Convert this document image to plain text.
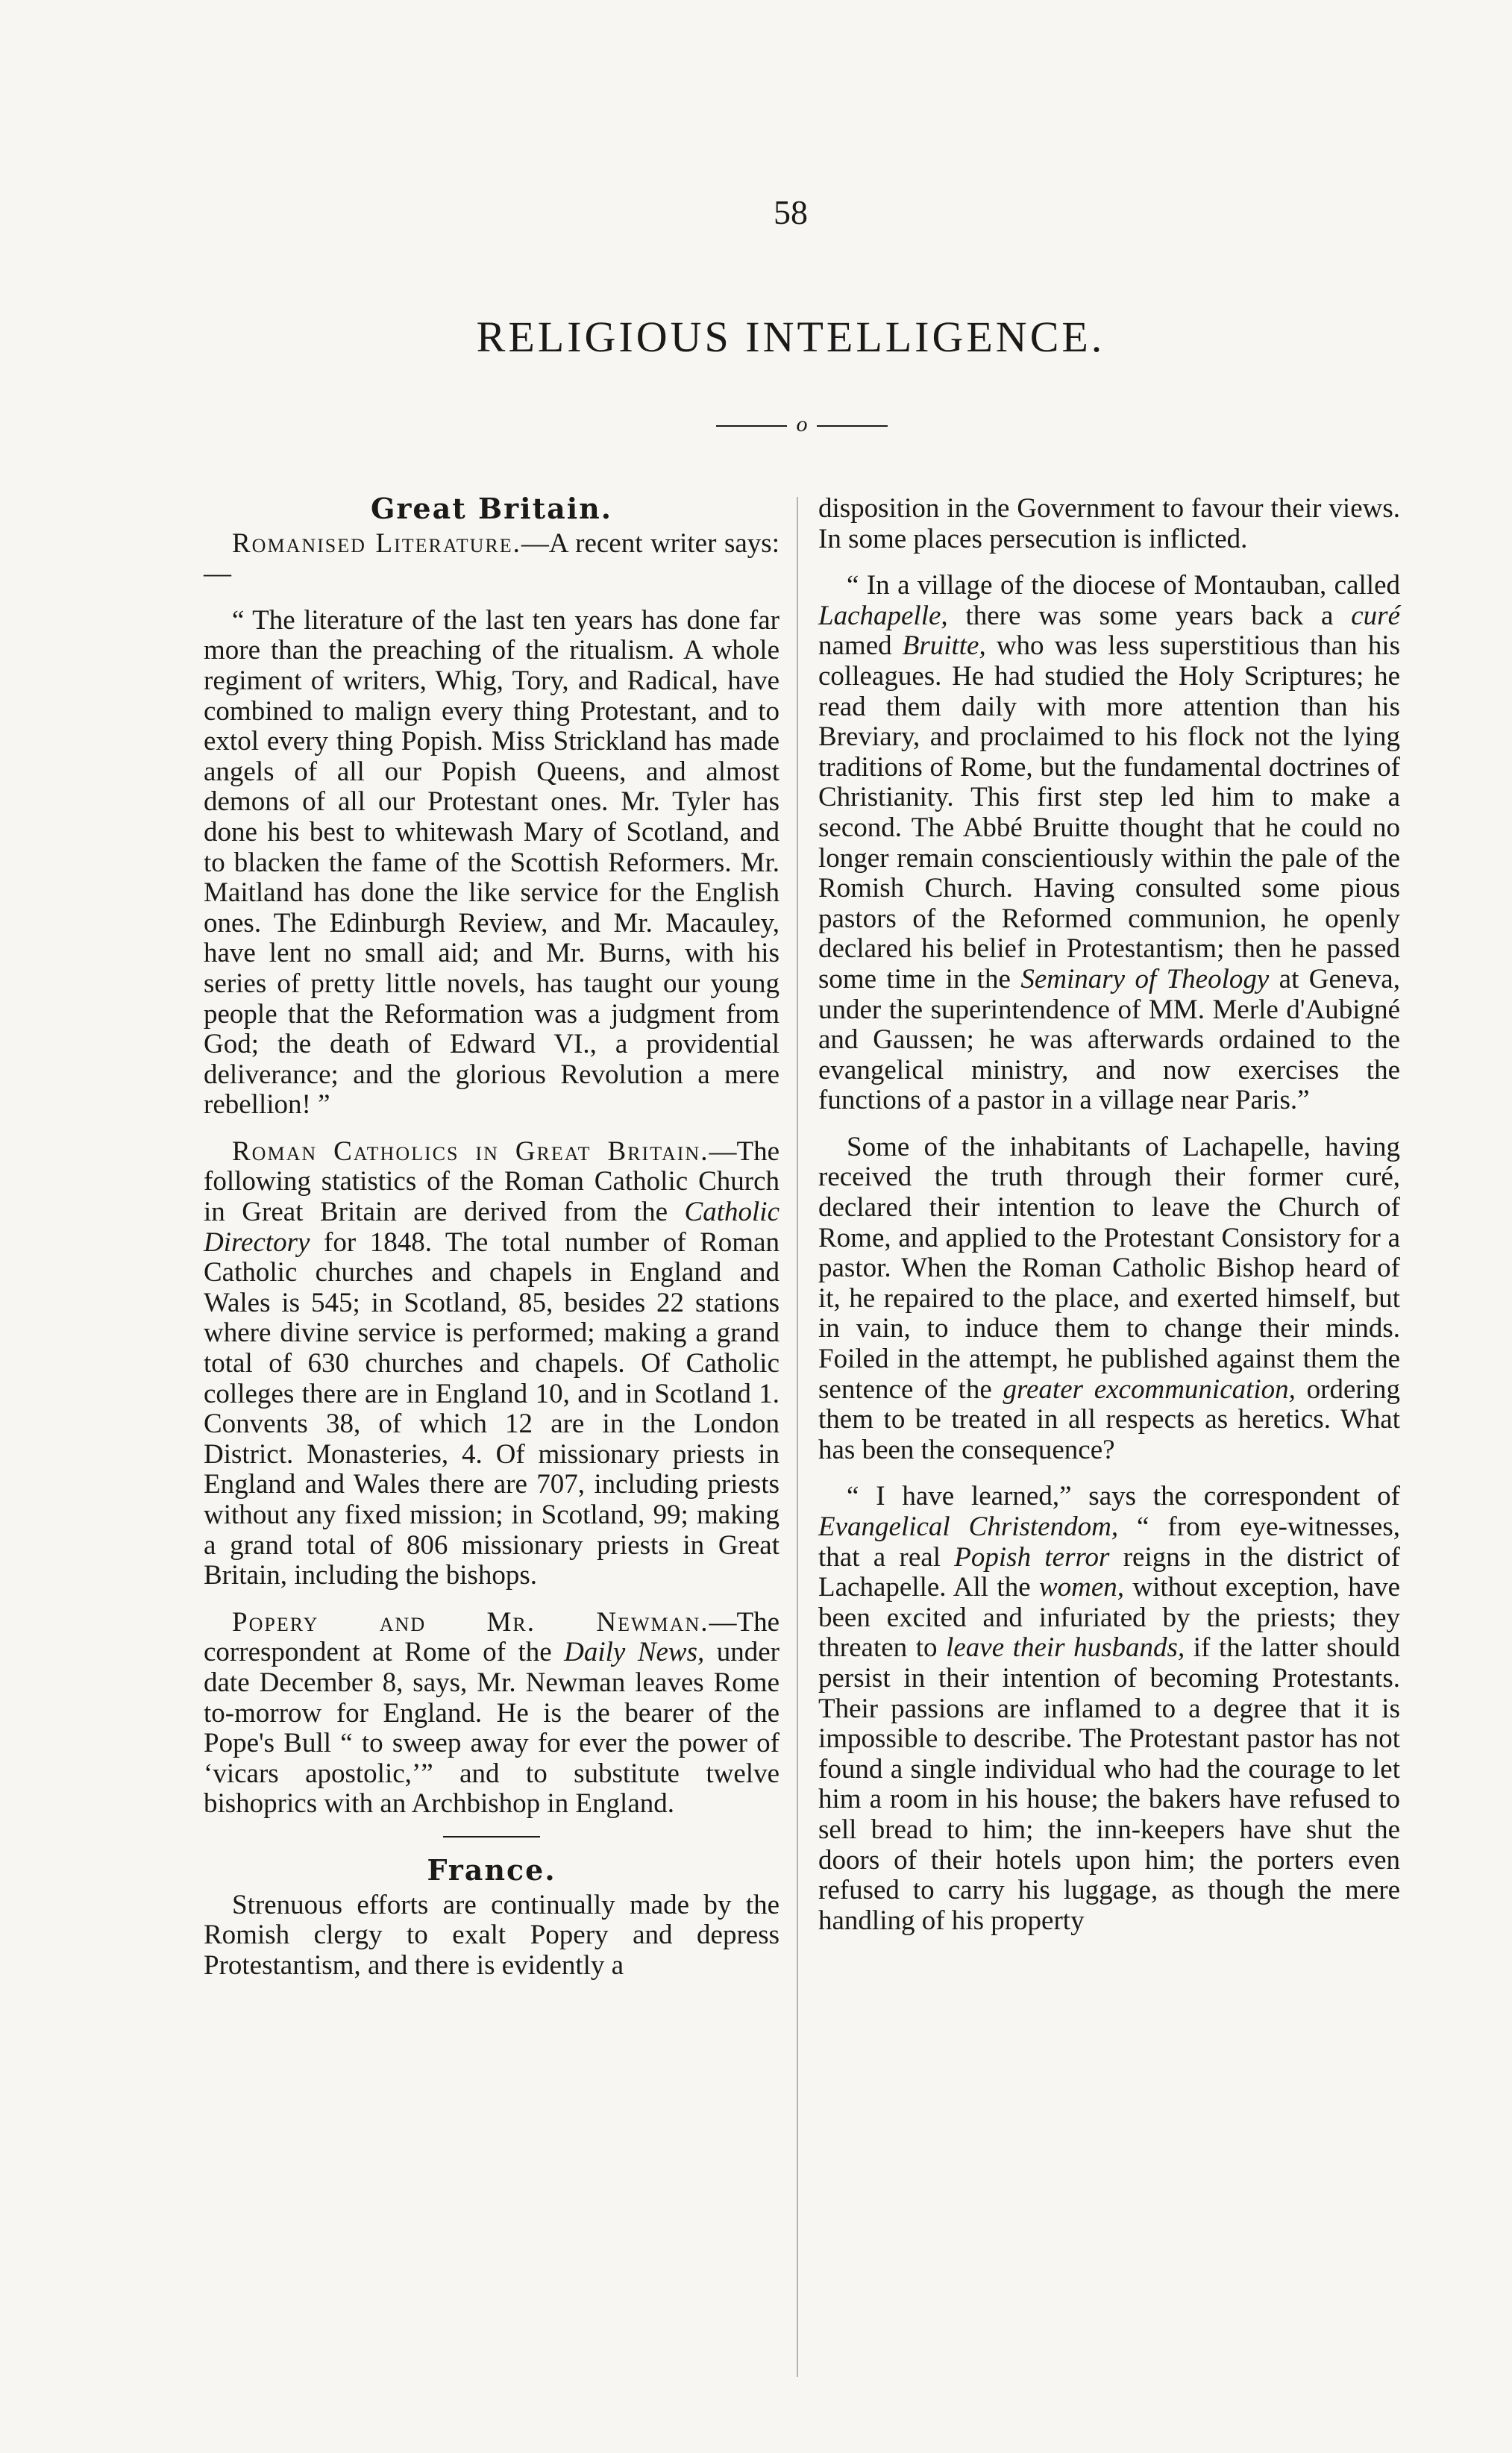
58
RELIGIOUS INTELLIGENCE.
o
Great Britain.

Romanised Literature.—A recent writer says:—

“ The literature of the last ten years has done far more than the preaching of the ritualism. A whole regiment of writers, Whig, Tory, and Radical, have combined to malign every thing Protestant, and to extol every thing Popish. Miss Strickland has made angels of all our Popish Queens, and almost demons of all our Protestant ones. Mr. Tyler has done his best to whitewash Mary of Scotland, and to blacken the fame of the Scottish Reformers. Mr. Maitland has done the like service for the English ones. The Edinburgh Review, and Mr. Macauley, have lent no small aid; and Mr. Burns, with his series of pretty little novels, has taught our young people that the Reformation was a judgment from God; the death of Edward VI., a providential deliverance; and the glorious Revolution a mere rebellion! ”

Roman Catholics in Great Britain.—The following statistics of the Roman Catholic Church in Great Britain are derived from the Catholic Directory for 1848. The total number of Roman Catholic churches and chapels in England and Wales is 545; in Scotland, 85, besides 22 stations where divine service is performed; making a grand total of 630 churches and chapels. Of Catholic colleges there are in England 10, and in Scotland 1. Convents 38, of which 12 are in the London District. Monasteries, 4. Of missionary priests in England and Wales there are 707, including priests without any fixed mission; in Scotland, 99; making a grand total of 806 missionary priests in Great Britain, including the bishops.

Popery and Mr. Newman.—The correspondent at Rome of the Daily News, under date December 8, says, Mr. Newman leaves Rome to-morrow for England. He is the bearer of the Pope's Bull “ to sweep away for ever the power of ‘vicars apostolic,’” and to substitute twelve bishoprics with an Archbishop in England.

France.

Strenuous efforts are continually made by the Romish clergy to exalt Popery and depress Protestantism, and there is evidently a

disposition in the Government to favour their views. In some places persecution is inflicted.

“ In a village of the diocese of Montauban, called Lachapelle, there was some years back a curé named Bruitte, who was less superstitious than his colleagues. He had studied the Holy Scriptures; he read them daily with more attention than his Breviary, and proclaimed to his flock not the lying traditions of Rome, but the fundamental doctrines of Christianity. This first step led him to make a second. The Abbé Bruitte thought that he could no longer remain conscientiously within the pale of the Romish Church. Having consulted some pious pastors of the Reformed communion, he openly declared his belief in Protestantism; then he passed some time in the Seminary of Theology at Geneva, under the superintendence of MM. Merle d'Aubigné and Gaussen; he was afterwards ordained to the evangelical ministry, and now exercises the functions of a pastor in a village near Paris.”

Some of the inhabitants of Lachapelle, having received the truth through their former curé, declared their intention to leave the Church of Rome, and applied to the Protestant Consistory for a pastor. When the Roman Catholic Bishop heard of it, he repaired to the place, and exerted himself, but in vain, to induce them to change their minds. Foiled in the attempt, he published against them the sentence of the greater excommunication, ordering them to be treated in all respects as heretics. What has been the consequence?

“ I have learned,” says the correspondent of Evangelical Christendom, “ from eye-witnesses, that a real Popish terror reigns in the district of Lachapelle. All the women, without exception, have been excited and infuriated by the priests; they threaten to leave their husbands, if the latter should persist in their intention of becoming Protestants. Their passions are inflamed to a degree that it is impossible to describe. The Protestant pastor has not found a single individual who had the courage to let him a room in his house; the bakers have refused to sell bread to him; the inn-keepers have shut the doors of their hotels upon him; the porters even refused to carry his luggage, as though the mere handling of his property
